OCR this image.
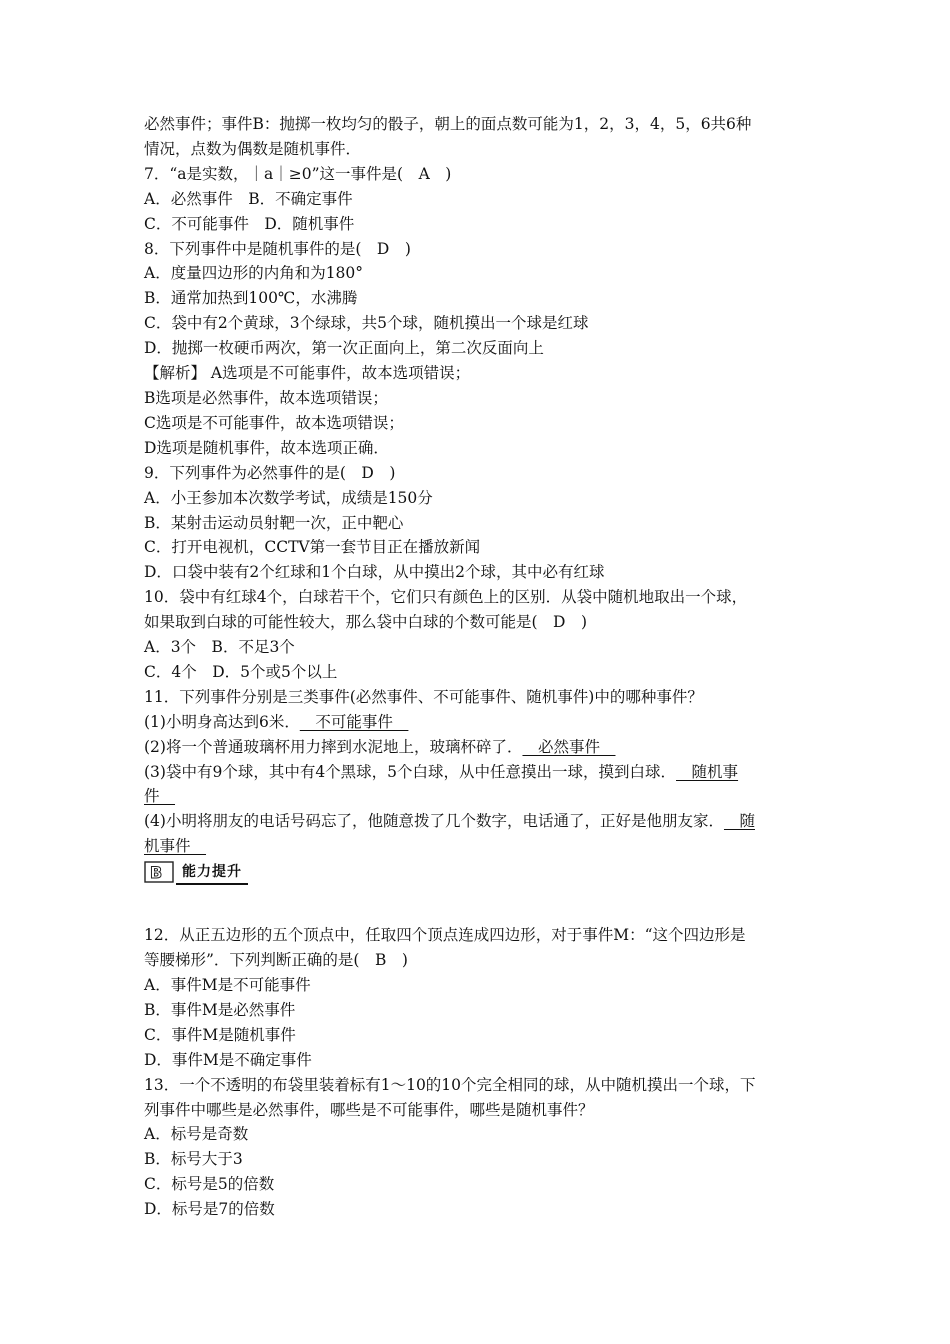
必然事件；事件B：抛掷一枚均匀的骰子，朝上的面点数可能为1，2，3，4，5，6共6种
情况，点数为偶数是随机事件．
7．“a是实数，｜a｜≥0”这一事件是(　A　)
A．必然事件　B．不确定事件
C．不可能事件　D．随机事件
8．下列事件中是随机事件的是(　D　)
A．度量四边形的内角和为180°
B．通常加热到100℃，水沸腾
C．袋中有2个黄球，3个绿球，共5个球，随机摸出一个球是红球
D．抛掷一枚硬币两次，第一次正面向上，第二次反面向上
【解析】 A选项是不可能事件，故本选项错误；
B选项是必然事件，故本选项错误；
C选项是不可能事件，故本选项错误；
D选项是随机事件，故本选项正确．
9．下列事件为必然事件的是(　D　)
A．小王参加本次数学考试，成绩是150分
B．某射击运动员射靶一次，正中靶心
C．打开电视机，CCTV第一套节目正在播放新闻
D．口袋中装有2个红球和1个白球，从中摸出2个球，其中必有红球
10．袋中有红球4个，白球若干个，它们只有颜色上的区别．从袋中随机地取出一个球，
如果取到白球的可能性较大，那么袋中白球的个数可能是(　D　)
A．3个　B．不足3个
C．4个　D．5个或5个以上
11．下列事件分别是三类事件(必然事件、不可能事件、随机事件)中的哪种事件？
(1)小明身高达到6米．__不可能事件__
(2)将一个普通玻璃杯用力摔到水泥地上，玻璃杯碎了．__必然事件__
(3)袋中有9个球，其中有4个黑球，5个白球，从中任意摸出一球，摸到白球．__随机事
件__
(4)小明将朋友的电话号码忘了，他随意拨了几个数字，电话通了，正好是他朋友家．__随
机事件__
B	能力提升
12．从正五边形的五个顶点中，任取四个顶点连成四边形，对于事件M：“这个四边形是
等腰梯形”．下列判断正确的是(　B　)
A．事件M是不可能事件
B．事件M是必然事件
C．事件M是随机事件
D．事件M是不确定事件
13．一个不透明的布袋里装着标有1～10的10个完全相同的球，从中随机摸出一个球，下
列事件中哪些是必然事件，哪些是不可能事件，哪些是随机事件？
A．标号是奇数
B．标号大于3
C．标号是5的倍数
D．标号是7的倍数
